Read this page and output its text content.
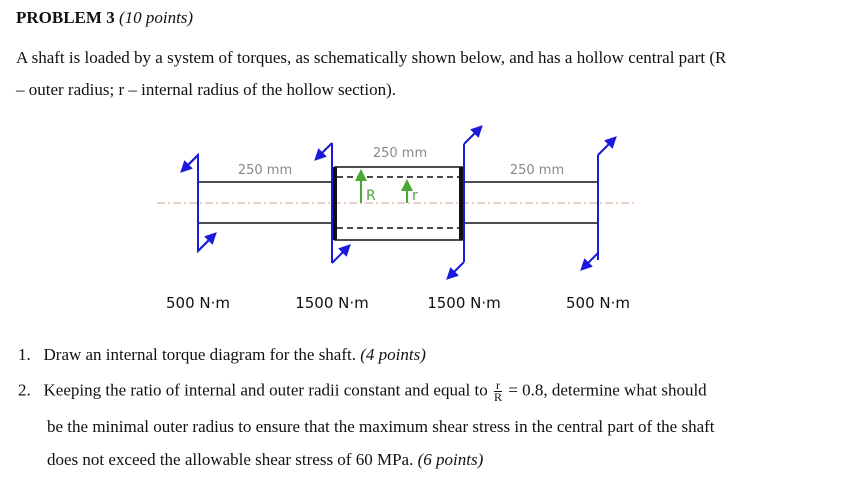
PROBLEM 3 (10 points)
A shaft is loaded by a system of torques, as schematically shown below, and has a hollow central part (R
– outer radius; r – internal radius of the hollow section).
R	r
250 mm
250 mm
250 mm
500 N·m	1500 N·m	1500 N·m	500 N·m
1. Draw an internal torque diagram for the shaft. (4 points)
2. Keeping the ratio of internal and outer radii constant and equal to $\frac{r}{R} = 0.8$, determine what should
be the minimal outer radius to ensure that the maximum shear stress in the central part of the shaft
does not exceed the allowable shear stress of 60 MPa. (6 points)
